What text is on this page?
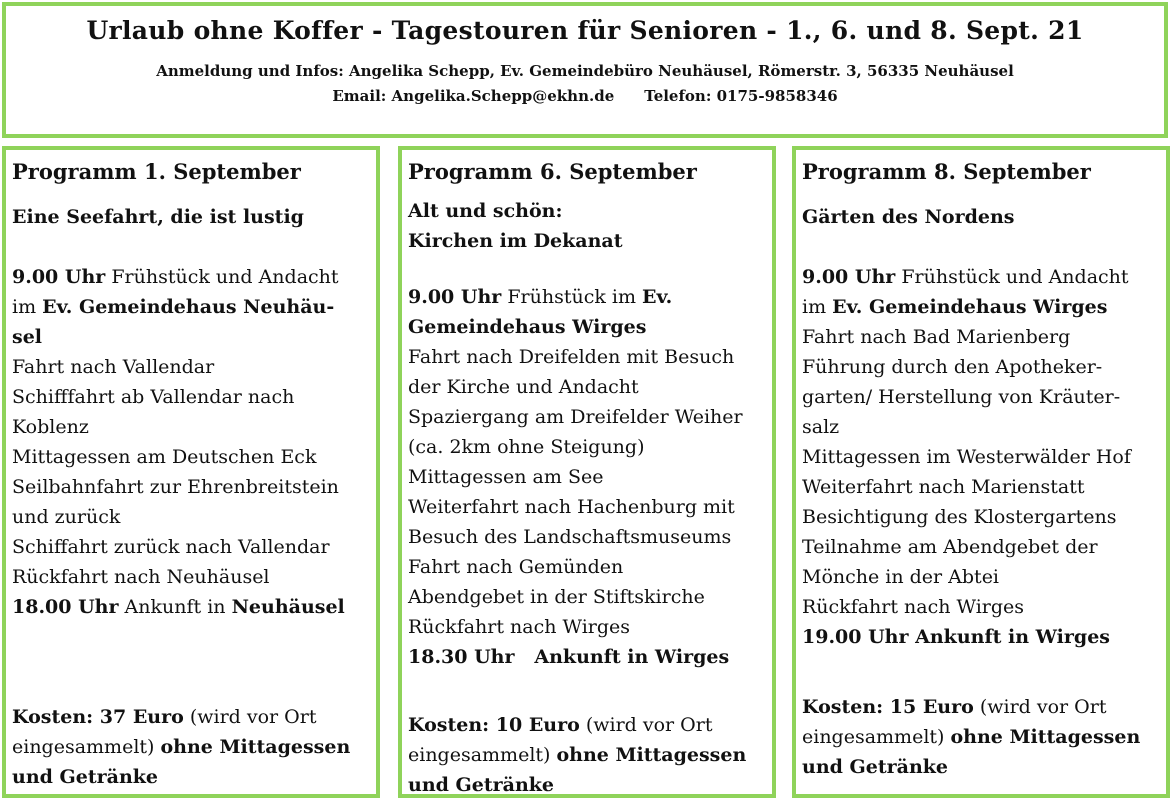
Urlaub ohne Koffer - Tagestouren für Senioren - 1., 6. und 8. Sept. 21
Anmeldung und Infos: Angelika Schepp, Ev. Gemeindebüro Neuhäusel, Römerstr. 3, 56335 Neuhäusel
Email: Angelika.Schepp@ekhn.de Telefon: 0175-9858346
Programm 1. September
Eine Seefahrt, die ist lustig
9.00 Uhr Frühstück und Andacht
im Ev. Gemeindehaus Neuhäu-
sel
Fahrt nach Vallendar
Schifffahrt ab Vallendar nach
Koblenz
Mittagessen am Deutschen Eck
Seilbahnfahrt zur Ehrenbreitstein
und zurück
Schiffahrt zurück nach Vallendar
Rückfahrt nach Neuhäusel
18.00 Uhr Ankunft in Neuhäusel
Kosten: 37 Euro (wird vor Ort
eingesammelt) ohne Mittagessen
und Getränke
Programm 6. September
Alt und schön:
Kirchen im Dekanat
9.00 Uhr Frühstück im Ev.
Gemeindehaus Wirges
Fahrt nach Dreifelden mit Besuch
der Kirche und Andacht
Spaziergang am Dreifelder Weiher
(ca. 2km ohne Steigung)
Mittagessen am See
Weiterfahrt nach Hachenburg mit
Besuch des Landschaftsmuseums
Fahrt nach Gemünden
Abendgebet in der Stiftskirche
Rückfahrt nach Wirges
18.30 Uhr   Ankunft in Wirges
Kosten: 10 Euro (wird vor Ort
eingesammelt) ohne Mittagessen
und Getränke
Programm 8. September
Gärten des Nordens
9.00 Uhr Frühstück und Andacht
im Ev. Gemeindehaus Wirges
Fahrt nach Bad Marienberg
Führung durch den Apotheker-
garten/ Herstellung von Kräuter-
salz
Mittagessen im Westerwälder Hof
Weiterfahrt nach Marienstatt
Besichtigung des Klostergartens
Teilnahme am Abendgebet der
Mönche in der Abtei
Rückfahrt nach Wirges
19.00 Uhr Ankunft in Wirges
Kosten: 15 Euro (wird vor Ort
eingesammelt) ohne Mittagessen
und Getränke
